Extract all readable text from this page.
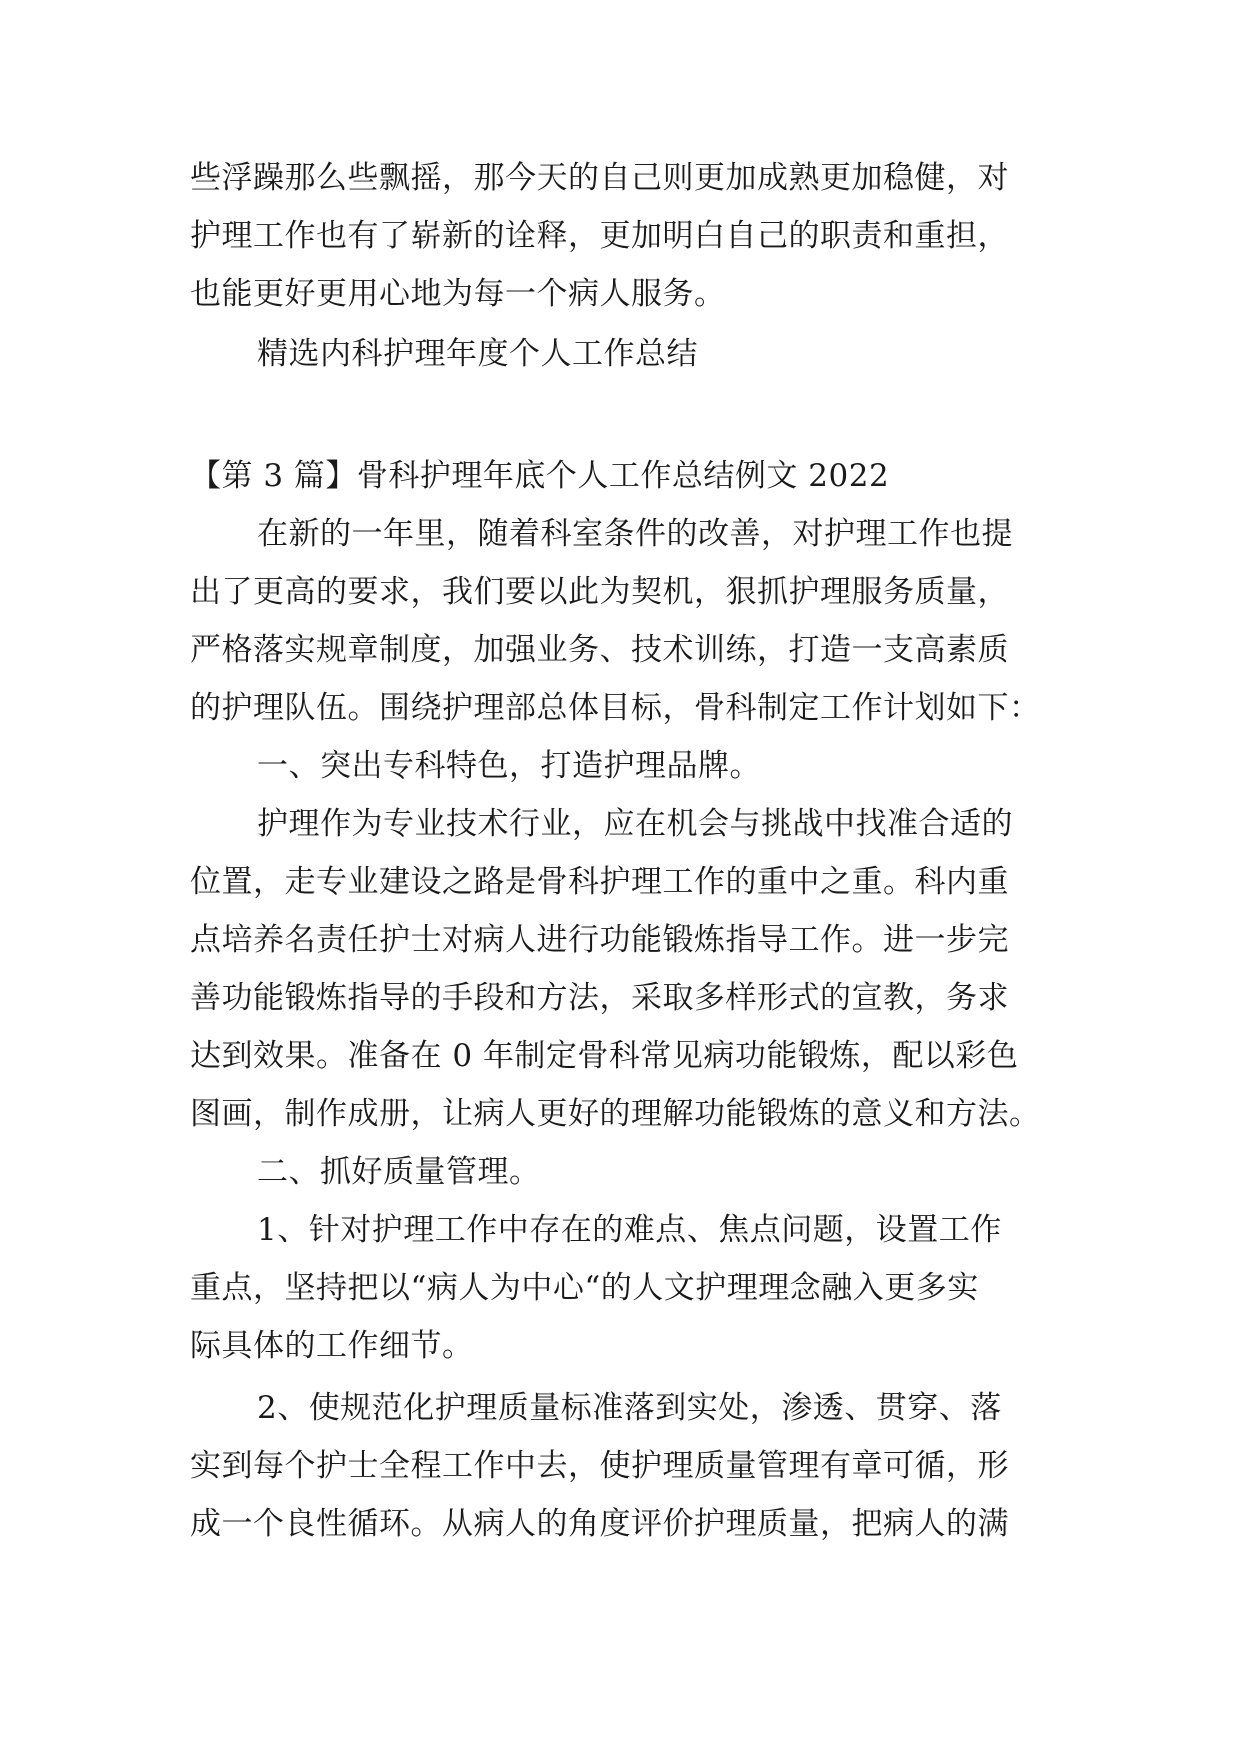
些浮躁那么些飘摇，那今天的自己则更加成熟更加稳健，对
护理工作也有了崭新的诠释，更加明白自己的职责和重担，
也能更好更用心地为每一个病人服务。
精选内科护理年度个人工作总结
【第 3 篇】骨科护理年底个人工作总结例文 2022
在新的一年里，随着科室条件的改善，对护理工作也提
出了更高的要求，我们要以此为契机，狠抓护理服务质量，
严格落实规章制度，加强业务、技术训练，打造一支高素质
的护理队伍。围绕护理部总体目标，骨科制定工作计划如下：
一、突出专科特色，打造护理品牌。
护理作为专业技术行业，应在机会与挑战中找准合适的
位置，走专业建设之路是骨科护理工作的重中之重。科内重
点培养名责任护士对病人进行功能锻炼指导工作。进一步完
善功能锻炼指导的手段和方法，采取多样形式的宣教，务求
达到效果。准备在 0 年制定骨科常见病功能锻炼，配以彩色
图画，制作成册，让病人更好的理解功能锻炼的意义和方法。
二、抓好质量管理。
1、针对护理工作中存在的难点、焦点问题，设置工作
重点，坚持把以“病人为中心“的人文护理理念融入更多实
际具体的工作细节。
2、使规范化护理质量标准落到实处，渗透、贯穿、落
实到每个护士全程工作中去，使护理质量管理有章可循，形
成一个良性循环。从病人的角度评价护理质量，把病人的满
